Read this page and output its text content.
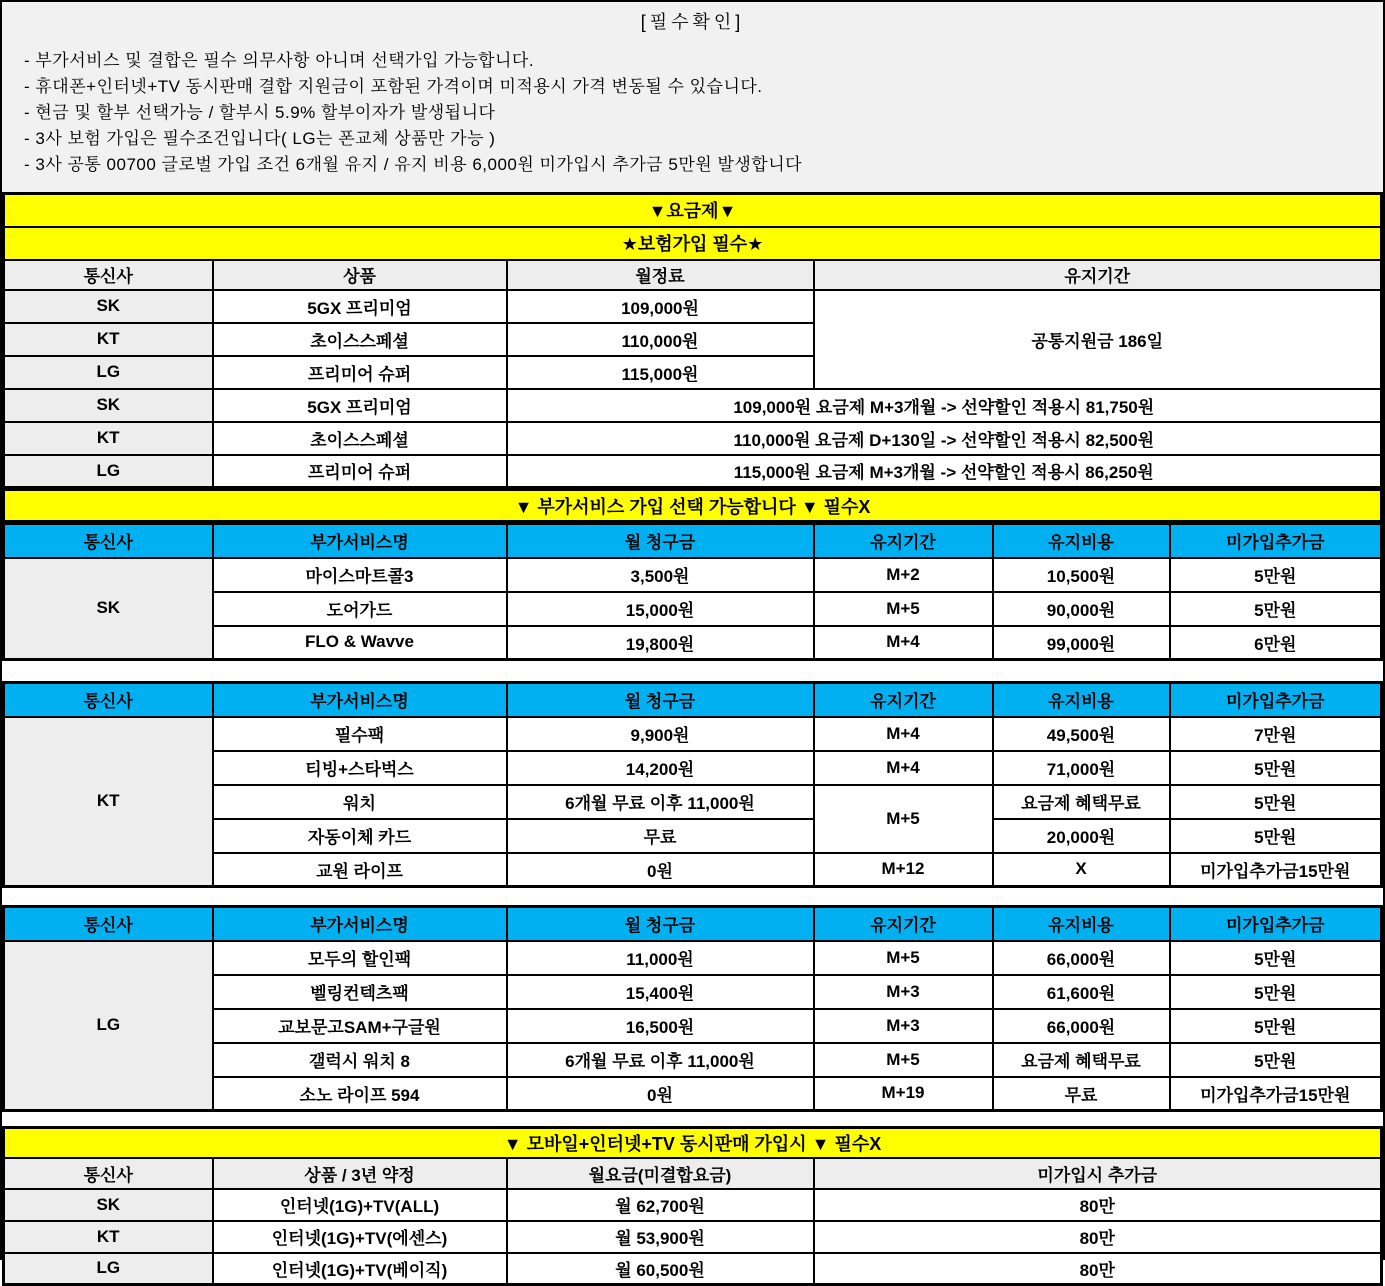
[필수확인]
- 부가서비스 및 결합은 필수 의무사항 아니며 선택가입 가능합니다.
- 휴대폰+인터넷+TV 동시판매 결합 지원금이 포함된 가격이며 미적용시 가격 변동될 수 있습니다.
- 현금 및 할부 선택가능 / 할부시 5.9% 할부이자가 발생됩니다
- 3사 보험 가입은 필수조건입니다( LG는 폰교체 상품만 가능 )
- 3사 공통 00700 글로벌 가입 조건 6개월 유지 / 유지 비용 6,000원 미가입시 추가금 5만원 발생합니다
▼요금제▼			
★보험가입 필수★			
통신사	상품	월정료	유지기간
SK	5GX 프리미엄	109,000원	공통지원금 186일
KT	초이스스페셜	110,000원	
LG	프리미어 슈퍼	115,000원	
SK	5GX 프리미엄	109,000원 요금제 M+3개월 -> 선약할인 적용시 81,750원	
KT	초이스스페셜	110,000원 요금제 D+130일 -> 선약할인 적용시 82,500원	
LG	프리미어 슈퍼	115,000원 요금제 M+3개월 -> 선약할인 적용시 86,250원	
▼ 부가서비스 가입 선택 가능합니다 ▼ 필수X
통신사	부가서비스명	월 청구금	유지기간	유지비용	미가입추가금
SK	마이스마트콜3	3,500원	M+2	10,500원	5만원
	도어가드	15,000원	M+5	90,000원	5만원
	FLO & Wavve	19,800원	M+4	99,000원	6만원
통신사	부가서비스명	월 청구금	유지기간	유지비용	미가입추가금
KT	필수팩	9,900원	M+4	49,500원	7만원
	티빙+스타벅스	14,200원	M+4	71,000원	5만원
	워치	6개월 무료 이후 11,000원	M+5	요금제 혜택무료	5만원
	자동이체 카드	무료		20,000원	5만원
	교원 라이프	0원	M+12	X	미가입추가금15만원
통신사	부가서비스명	월 청구금	유지기간	유지비용	미가입추가금
LG	모두의 할인팩	11,000원	M+5	66,000원	5만원
	벨링컨텍츠팩	15,400원	M+3	61,600원	5만원
	교보문고SAM+구글원	16,500원	M+3	66,000원	5만원
	갤럭시 워치 8	6개월 무료 이후 11,000원	M+5	요금제 혜택무료	5만원
	소노 라이프 594	0원	M+19	무료	미가입추가금15만원
▼ 모바일+인터넷+TV 동시판매 가입시 ▼ 필수X			
통신사	상품 / 3년 약정	월요금(미결합요금)	미가입시 추가금
SK	인터넷(1G)+TV(ALL)	월 62,700원	80만
KT	인터넷(1G)+TV(에센스)	월 53,900원	80만
LG	인터넷(1G)+TV(베이직)	월 60,500원	80만
